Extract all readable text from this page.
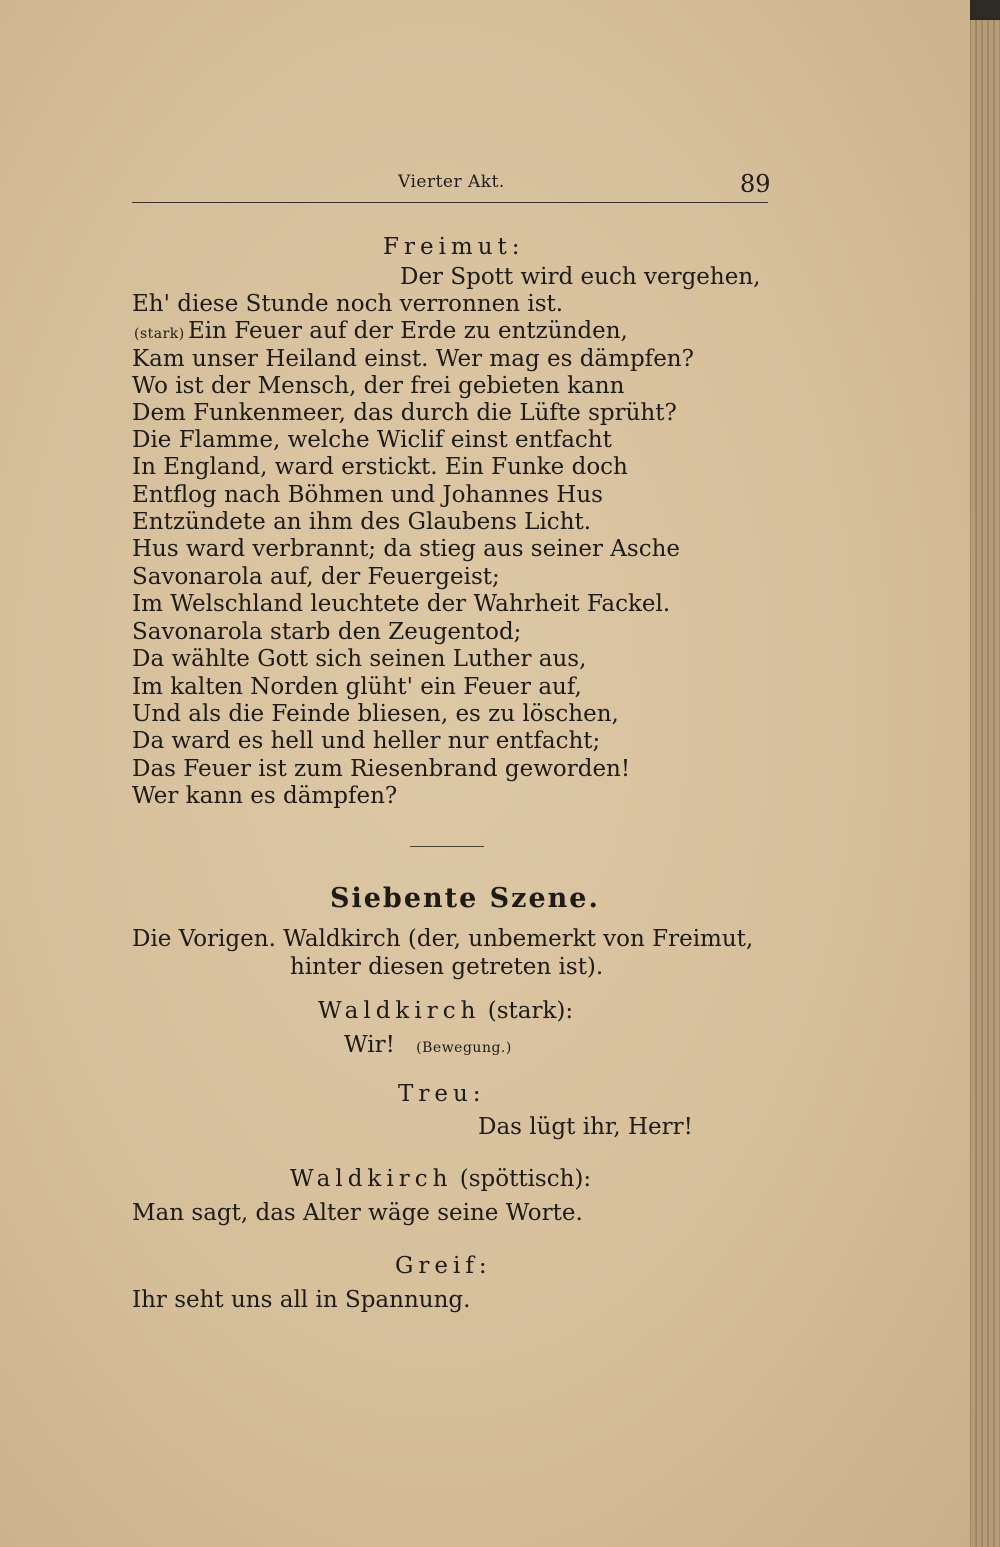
Vierter Akt.	89
Freimut:
Der Spott wird euch vergehen,
Eh' diese Stunde noch verronnen ist.
(stark) Ein Feuer auf der Erde zu entzünden,
Kam unser Heiland einst. Wer mag es dämpfen?
Wo ist der Mensch, der frei gebieten kann
Dem Funkenmeer, das durch die Lüfte sprüht?
Die Flamme, welche Wiclif einst entfacht
In England, ward erstickt. Ein Funke doch
Entflog nach Böhmen und Johannes Hus
Entzündete an ihm des Glaubens Licht.
Hus ward verbrannt; da stieg aus seiner Asche
Savonarola auf, der Feuergeist;
Im Welschland leuchtete der Wahrheit Fackel.
Savonarola starb den Zeugentod;
Da wählte Gott sich seinen Luther aus,
Im kalten Norden glüht' ein Feuer auf,
Und als die Feinde bliesen, es zu löschen,
Da ward es hell und heller nur entfacht;
Das Feuer ist zum Riesenbrand geworden!
Wer kann es dämpfen?
Siebente Szene.
Die Vorigen. Waldkirch (der, unbemerkt von Freimut,
hinter diesen getreten ist).
Waldkirch (stark):
Wir! (Bewegung.)
Treu:
Das lügt ihr, Herr!
Waldkirch (spöttisch):
Man sagt, das Alter wäge seine Worte.
Greif:
Ihr seht uns all in Spannung.
